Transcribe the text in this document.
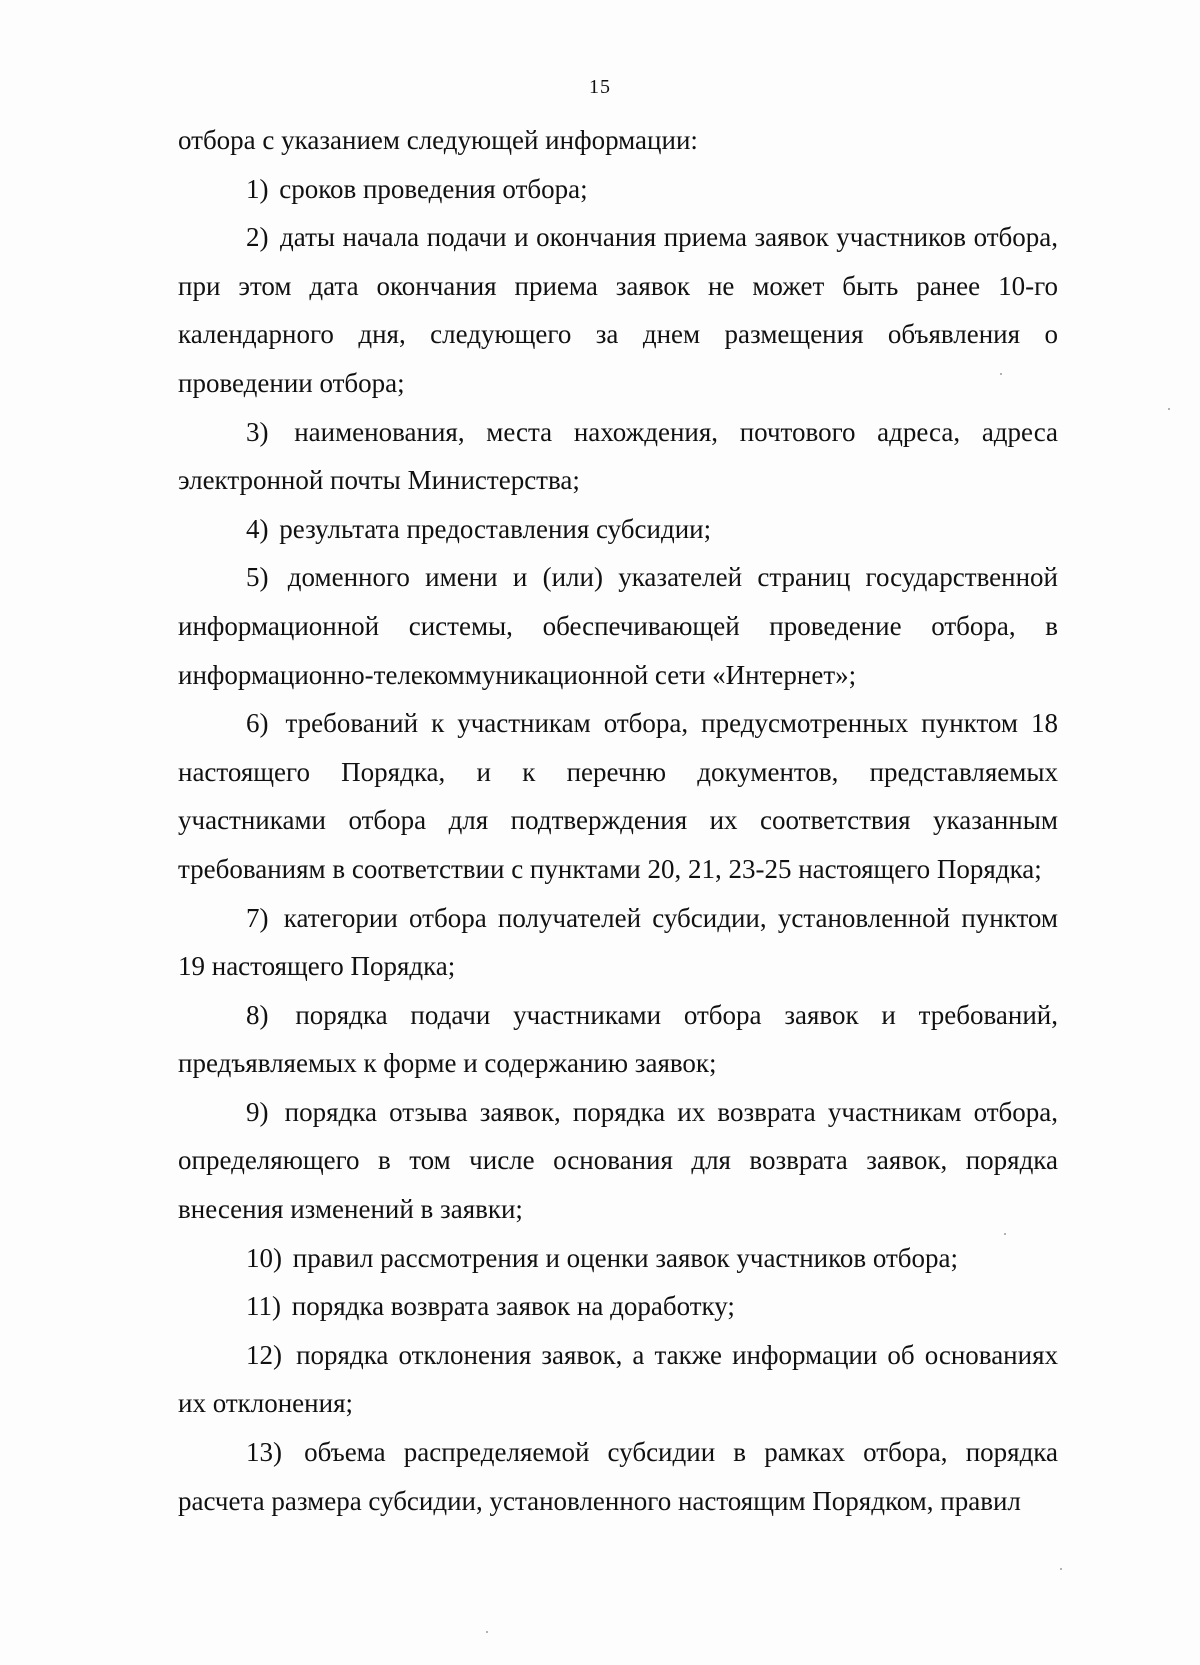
15

отбора с указанием следующей информации:

1) сроков проведения отбора;

2) даты начала подачи и окончания приема заявок участников отбора, при этом дата окончания приема заявок не может быть ранее 10-го календарного дня, следующего за днем размещения объявления о проведении отбора;

3) наименования, места нахождения, почтового адреса, адреса электронной почты Министерства;

4) результата предоставления субсидии;

5) доменного имени и (или) указателей страниц государственной информационной системы, обеспечивающей проведение отбора, в информационно-телекоммуникационной сети «Интернет»;

6) требований к участникам отбора, предусмотренных пунктом 18 настоящего Порядка, и к перечню документов, представляемых участниками отбора для подтверждения их соответствия указанным требованиям в соответствии с пунктами 20, 21, 23-25 настоящего Порядка;

7) категории отбора получателей субсидии, установленной пунктом 19 настоящего Порядка;

8) порядка подачи участниками отбора заявок и требований, предъявляемых к форме и содержанию заявок;

9) порядка отзыва заявок, порядка их возврата участникам отбора, определяющего в том числе основания для возврата заявок, порядка внесения изменений в заявки;

10) правил рассмотрения и оценки заявок участников отбора;

11) порядка возврата заявок на доработку;

12) порядка отклонения заявок, а также информации об основаниях их отклонения;

13) объема распределяемой субсидии в рамках отбора, порядка расчета размера субсидии, установленного настоящим Порядком, правил
